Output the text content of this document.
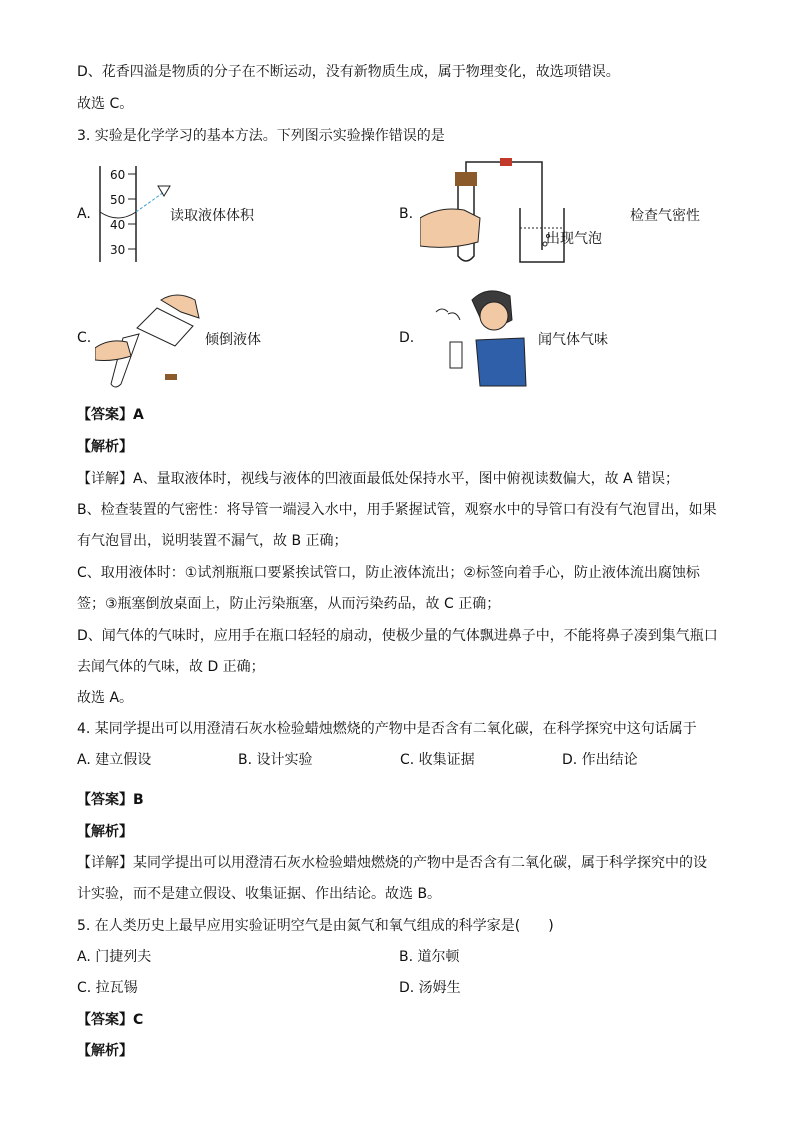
D、花香四溢是物质的分子在不断运动，没有新物质生成，属于物理变化，故选项错误。
故选 C。
3. 实验是化学学习的基本方法。下列图示实验操作错误的是
A.
60
50
40
30
读取液体体积	B.
出现气泡
检查气密性
C.	倾倒液体	D.	闻气体气味
【答案】A
【解析】
【详解】A、量取液体时，视线与液体的凹液面最低处保持水平，图中俯视读数偏大，故 A 错误；
B、检查装置的气密性：将导管一端浸入水中，用手紧握试管，观察水中的导管口有没有气泡冒出，如果
有气泡冒出，说明装置不漏气，故 B 正确；
C、取用液体时：①试剂瓶瓶口要紧挨试管口，防止液体流出；②标签向着手心，防止液体流出腐蚀标
签；③瓶塞倒放桌面上，防止污染瓶塞，从而污染药品，故 C 正确；
D、闻气体的气味时，应用手在瓶口轻轻的扇动，使极少量的气体飘进鼻子中，不能将鼻子凑到集气瓶口
去闻气体的气味，故 D 正确；
故选 A。
4. 某同学提出可以用澄清石灰水检验蜡烛燃烧的产物中是否含有二氧化碳，在科学探究中这句话属于
A. 建立假设	B. 设计实验	C. 收集证据	D. 作出结论
【答案】B
【解析】
【详解】某同学提出可以用澄清石灰水检验蜡烛燃烧的产物中是否含有二氧化碳，属于科学探究中的设
计实验，而不是建立假设、收集证据、作出结论。故选 B。
5. 在人类历史上最早应用实验证明空气是由氮气和氧气组成的科学家是(　　)
A. 门捷列夫	B. 道尔顿
C. 拉瓦锡	D. 汤姆生
【答案】C
【解析】
